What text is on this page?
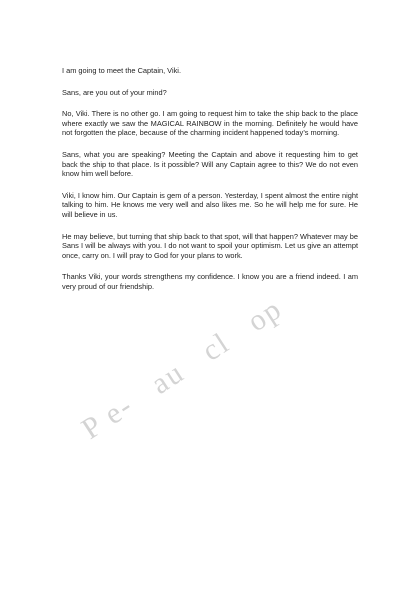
I am going to meet the Captain, Viki.

Sans, are you out of your mind?

No, Viki. There is no other go. I am going to request him to take the ship back to the place where exactly we saw the MAGICAL RAINBOW in the morning. Definitely he would have not forgotten the place, because of the charming incident happened today’s morning.

Sans, what you are speaking? Meeting the Captain and above it requesting him to get back the ship to that place. Is it possible? Will any Captain agree to this? We do not even know him well before.

Viki, I know him. Our Captain is gem of a person. Yesterday, I spent almost the entire night talking to him. He knows me very well and also likes me. So he will help me for sure. He will believe in us.

He may believe, but turning that ship back to that spot, will that happen? Whatever may be Sans I will be always with you. I do not want to spoil your optimism. Let us give an attempt once, carry on. I will pray to God for your plans to work.

Thanks Viki, your words strengthens my confidence. I know you are a friend indeed. I am very proud of our friendship.

P e-   au   cl   op
